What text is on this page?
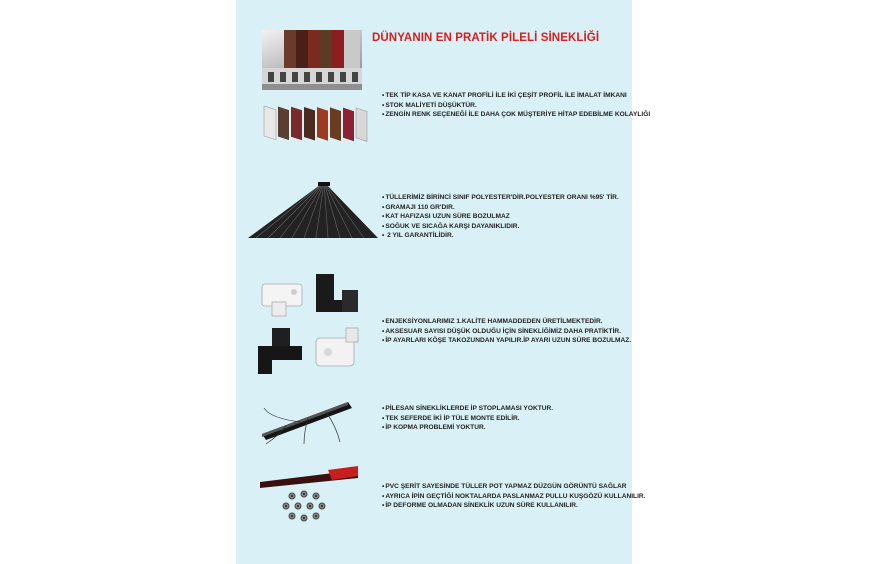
DÜNYANIN EN PRATİK PİLELİ SİNEKLİĞİ
• TEK TİP KASA VE KANAT PROFİLİ İLE İKİ ÇEŞİT PROFİL İLE İMALAT İMKANI
• STOK MALİYETİ DÜŞÜKTÜR.
• ZENGİN RENK SEÇENEĞİ İLE DAHA ÇOK MÜŞTERİYE HİTAP EDEBİLME KOLAYLIĞI
• TÜLLERİMİZ BİRİNCİ SINIF POLYESTER'DİR.POLYESTER ORANI %95' TİR.
• GRAMAJI 110 GR'DIR.
• KAT HAFIZASI UZUN SÜRE BOZULMAZ
• SOĞUK VE SICAĞA KARŞI DAYANIKLIDIR.
• 2 YIL GARANTİLİDİR.
• ENJEKSİYONLARIMIZ 1.KALİTE HAMMADDEDEN ÜRETİLMEKTEDİR.
• AKSESUAR SAYISI DÜŞÜK OLDUĞU İÇİN SİNEKLİĞİMİZ DAHA PRATİKTİR.
• İP AYARLARI KÖŞE TAKOZUNDAN YAPILIR.İP AYARI UZUN SÜRE BOZULMAZ.
• PİLESAN SİNEKLİKLERDE İP STOPLAMASI YOKTUR.
• TEK SEFERDE İKİ İP TÜLE MONTE EDİLİR.
• İP KOPMA PROBLEMİ YOKTUR.
• PVC ŞERİT SAYESİNDE TÜLLER POT YAPMAZ DÜZGÜN GÖRÜNTÜ SAĞLAR
• AYRICA İPİN GEÇTİĞİ NOKTALARDA PASLANMAZ PULLU KUŞGÖZÜ KULLANILIR.
• İP DEFORME OLMADAN SİNEKLİK UZUN SÜRE KULLANILIR.
